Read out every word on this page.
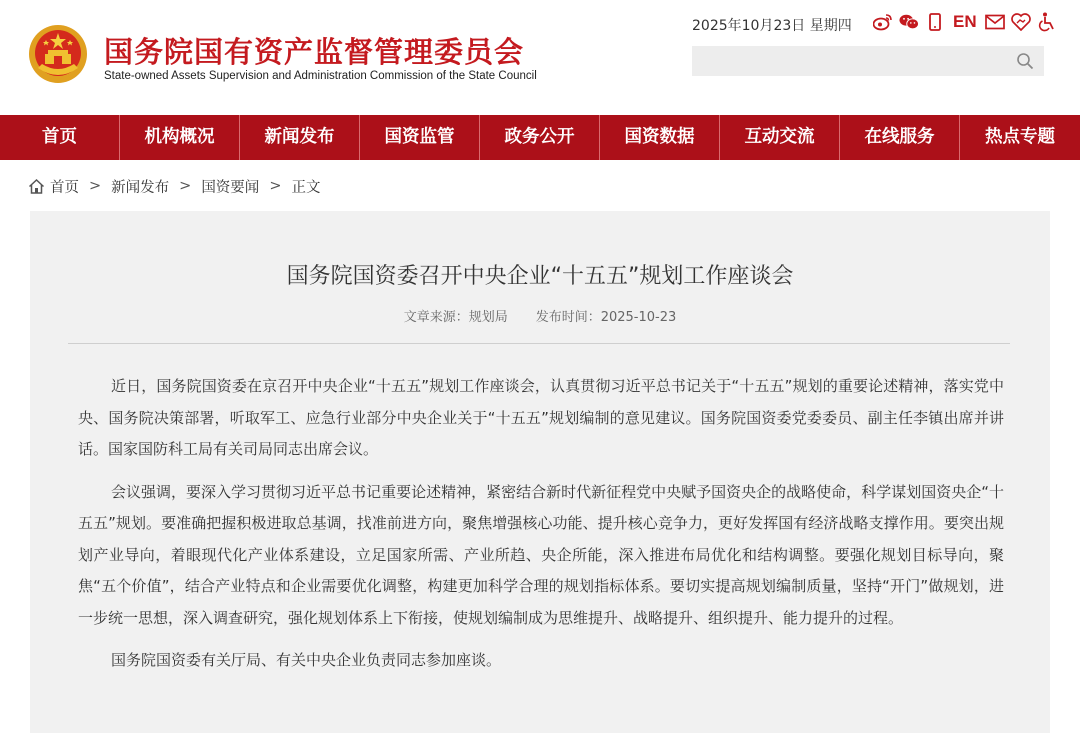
国务院国有资产监督管理委员会
State-owned Assets Supervision and Administration Commission of the State Council
2025年10月23日 星期四	EN
首页	机构概况	新闻发布	国资监管	政务公开	国资数据	互动交流	在线服务	热点专题
首页 > 新闻发布 > 国资要闻 > 正文
国务院国资委召开中央企业“十五五”规划工作座谈会
文章来源：规划局 发布时间：2025-10-23

近日，国务院国资委在京召开中央企业“十五五”规划工作座谈会，认真贯彻习近平总书记关于“十五五”规划的重要论述精神，落实党中央、国务院决策部署，听取军工、应急行业部分中央企业关于“十五五”规划编制的意见建议。国务院国资委党委委员、副主任李镇出席并讲话。国家国防科工局有关司局同志出席会议。

会议强调，要深入学习贯彻习近平总书记重要论述精神，紧密结合新时代新征程党中央赋予国资央企的战略使命，科学谋划国资央企“十五五”规划。要准确把握积极进取总基调，找准前进方向，聚焦增强核心功能、提升核心竞争力，更好发挥国有经济战略支撑作用。要突出规划产业导向，着眼现代化产业体系建设，立足国家所需、产业所趋、央企所能，深入推进布局优化和结构调整。要强化规划目标导向，聚焦“五个价值”，结合产业特点和企业需要优化调整，构建更加科学合理的规划指标体系。要切实提高规划编制质量，坚持“开门”做规划，进一步统一思想，深入调查研究，强化规划体系上下衔接，使规划编制成为思维提升、战略提升、组织提升、能力提升的过程。

国务院国资委有关厅局、有关中央企业负责同志参加座谈。
